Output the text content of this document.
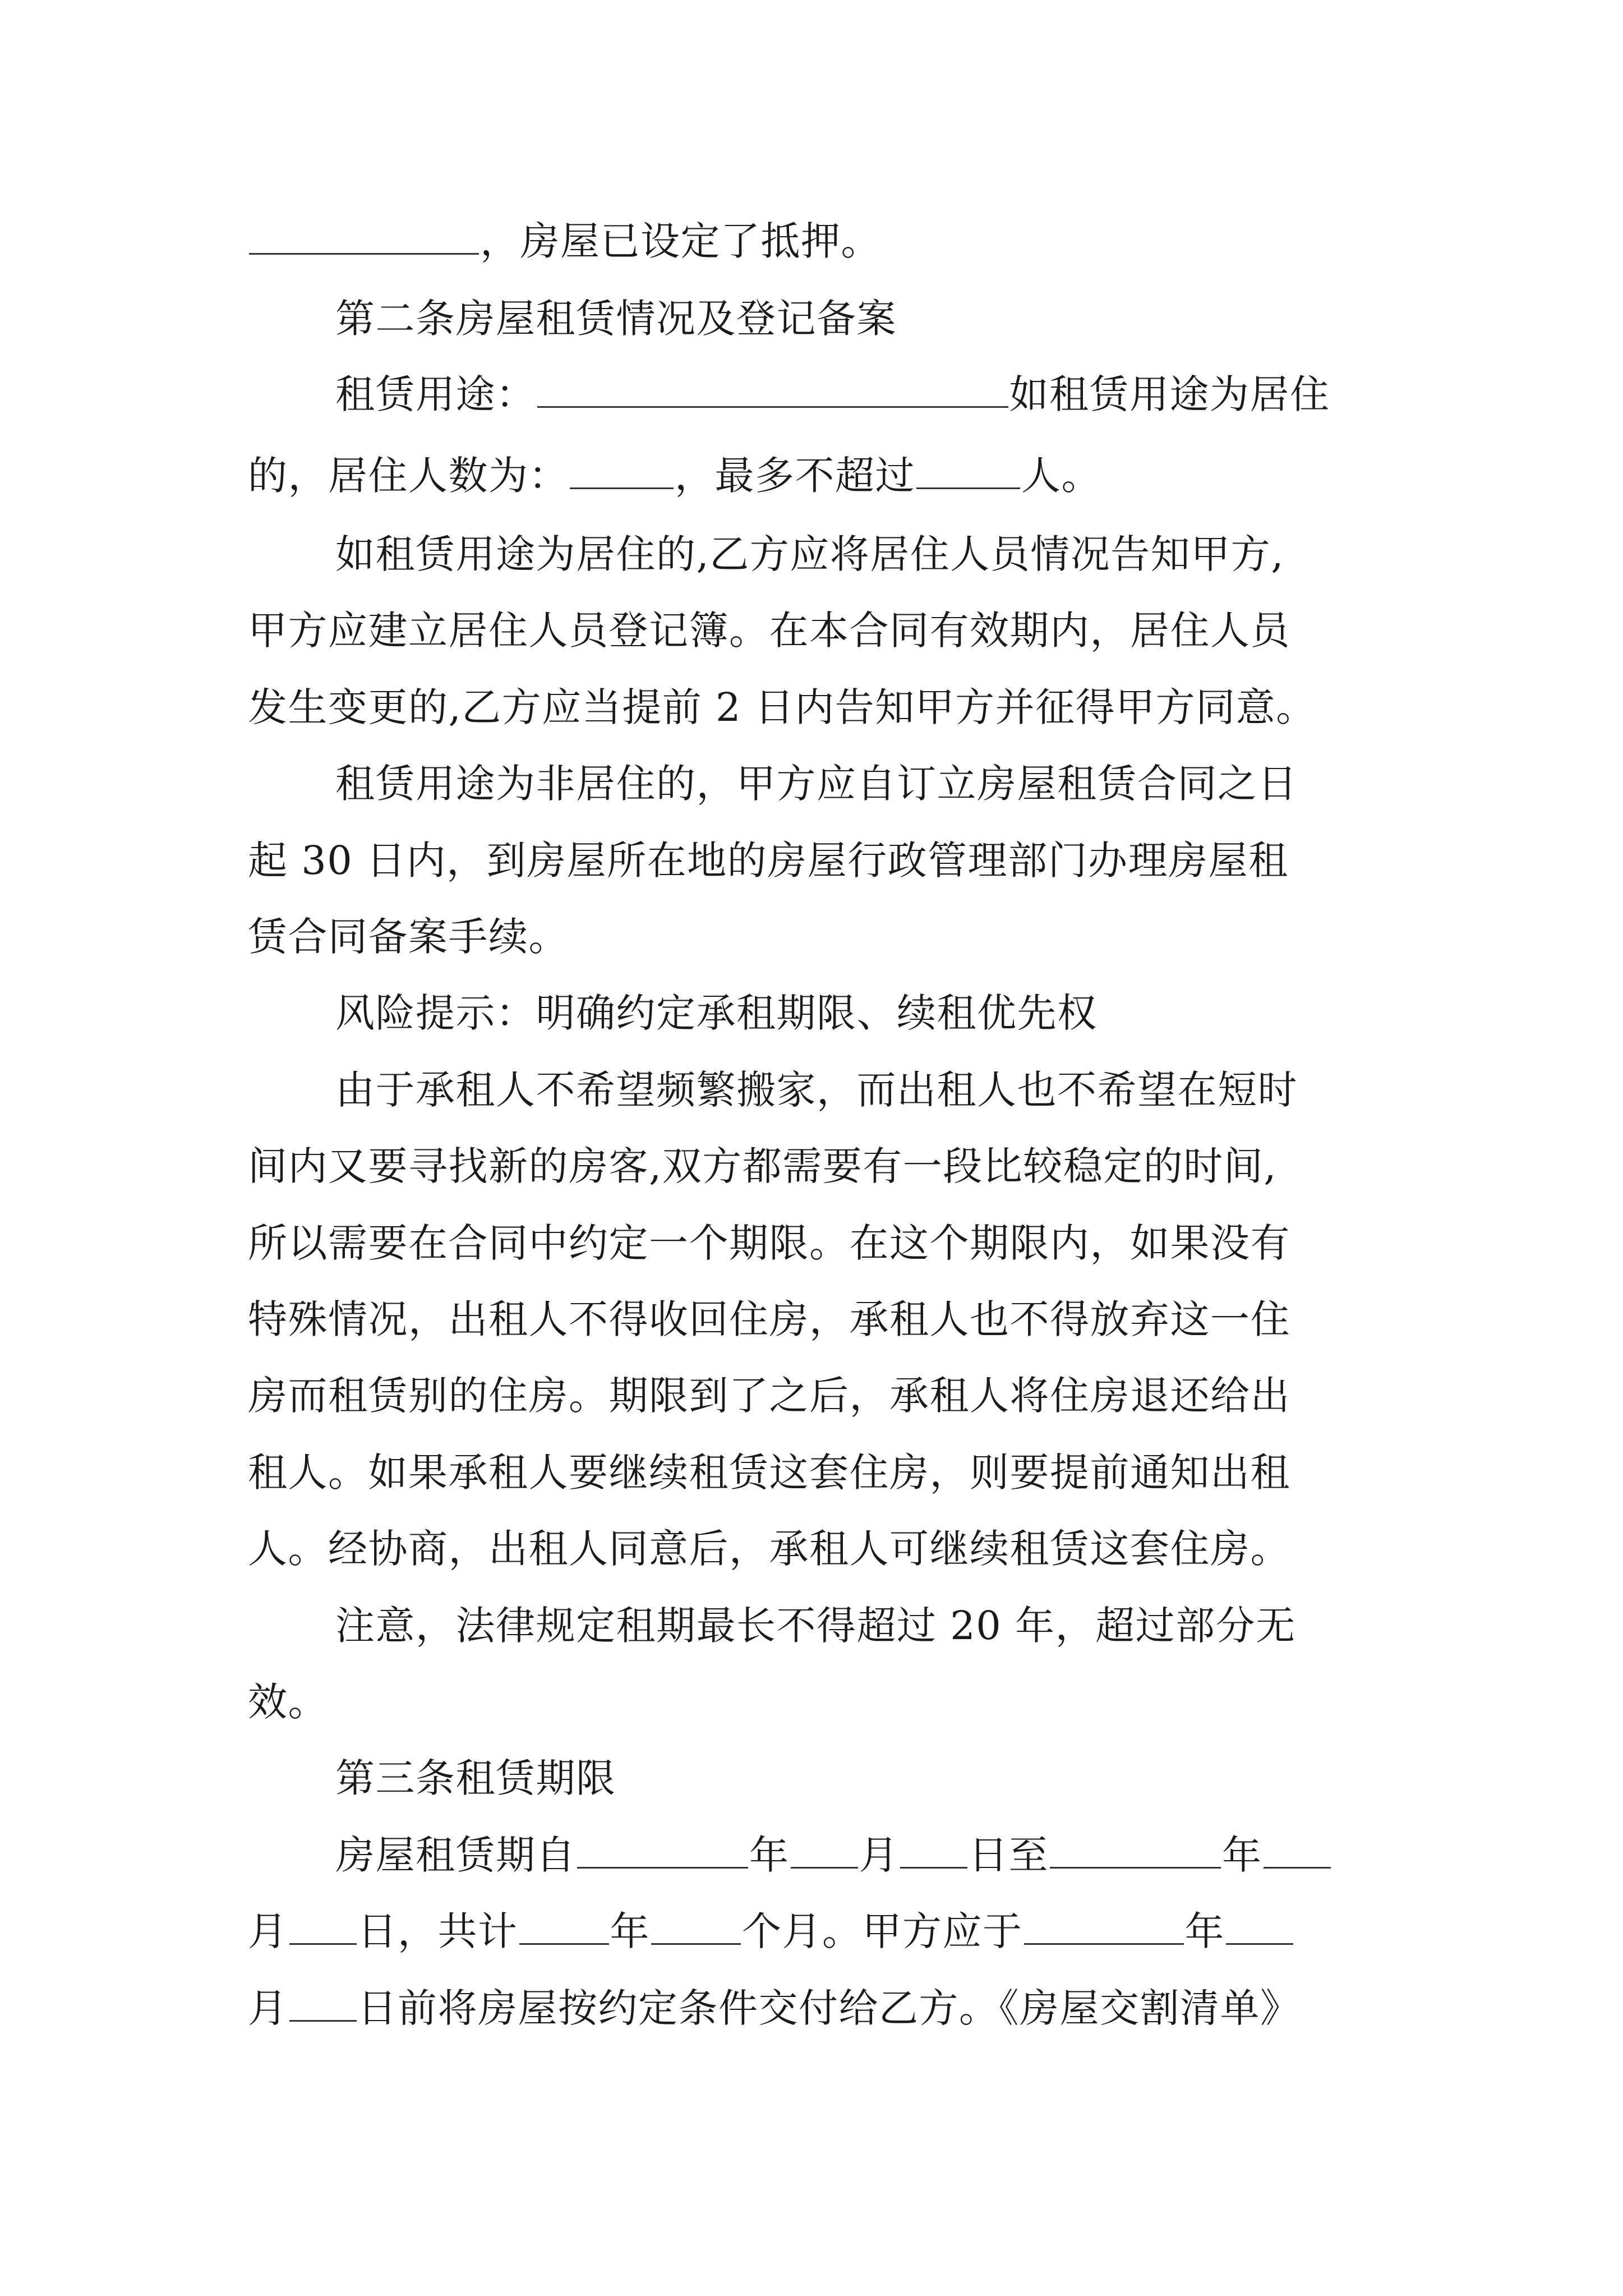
，房屋已设定了抵押。
第二条房屋租赁情况及登记备案
租赁用途：	如租赁用途为居住
的，居住人数为：	，最多不超过	人。
如租赁用途为居住的,乙方应将居住人员情况告知甲方,
甲方应建立居住人员登记簿。在本合同有效期内，居住人员
发生变更的,乙方应当提前 2 日内告知甲方并征得甲方同意。
租赁用途为非居住的，甲方应自订立房屋租赁合同之日
起 30 日内，到房屋所在地的房屋行政管理部门办理房屋租
赁合同备案手续。
风险提示：明确约定承租期限、续租优先权
由于承租人不希望频繁搬家，而出租人也不希望在短时
间内又要寻找新的房客,双方都需要有一段比较稳定的时间,
所以需要在合同中约定一个期限。在这个期限内，如果没有
特殊情况，出租人不得收回住房，承租人也不得放弃这一住
房而租赁别的住房。期限到了之后，承租人将住房退还给出
租人。如果承租人要继续租赁这套住房，则要提前通知出租
人。经协商，出租人同意后，承租人可继续租赁这套住房。
注意，法律规定租期最长不得超过 20 年，超过部分无
效。
第三条租赁期限
房屋租赁期自	年 月 日至	年
月 日，共计 年 个月。甲方应于	年
月 日前将房屋按约定条件交付给乙方。《房屋交割清单》
